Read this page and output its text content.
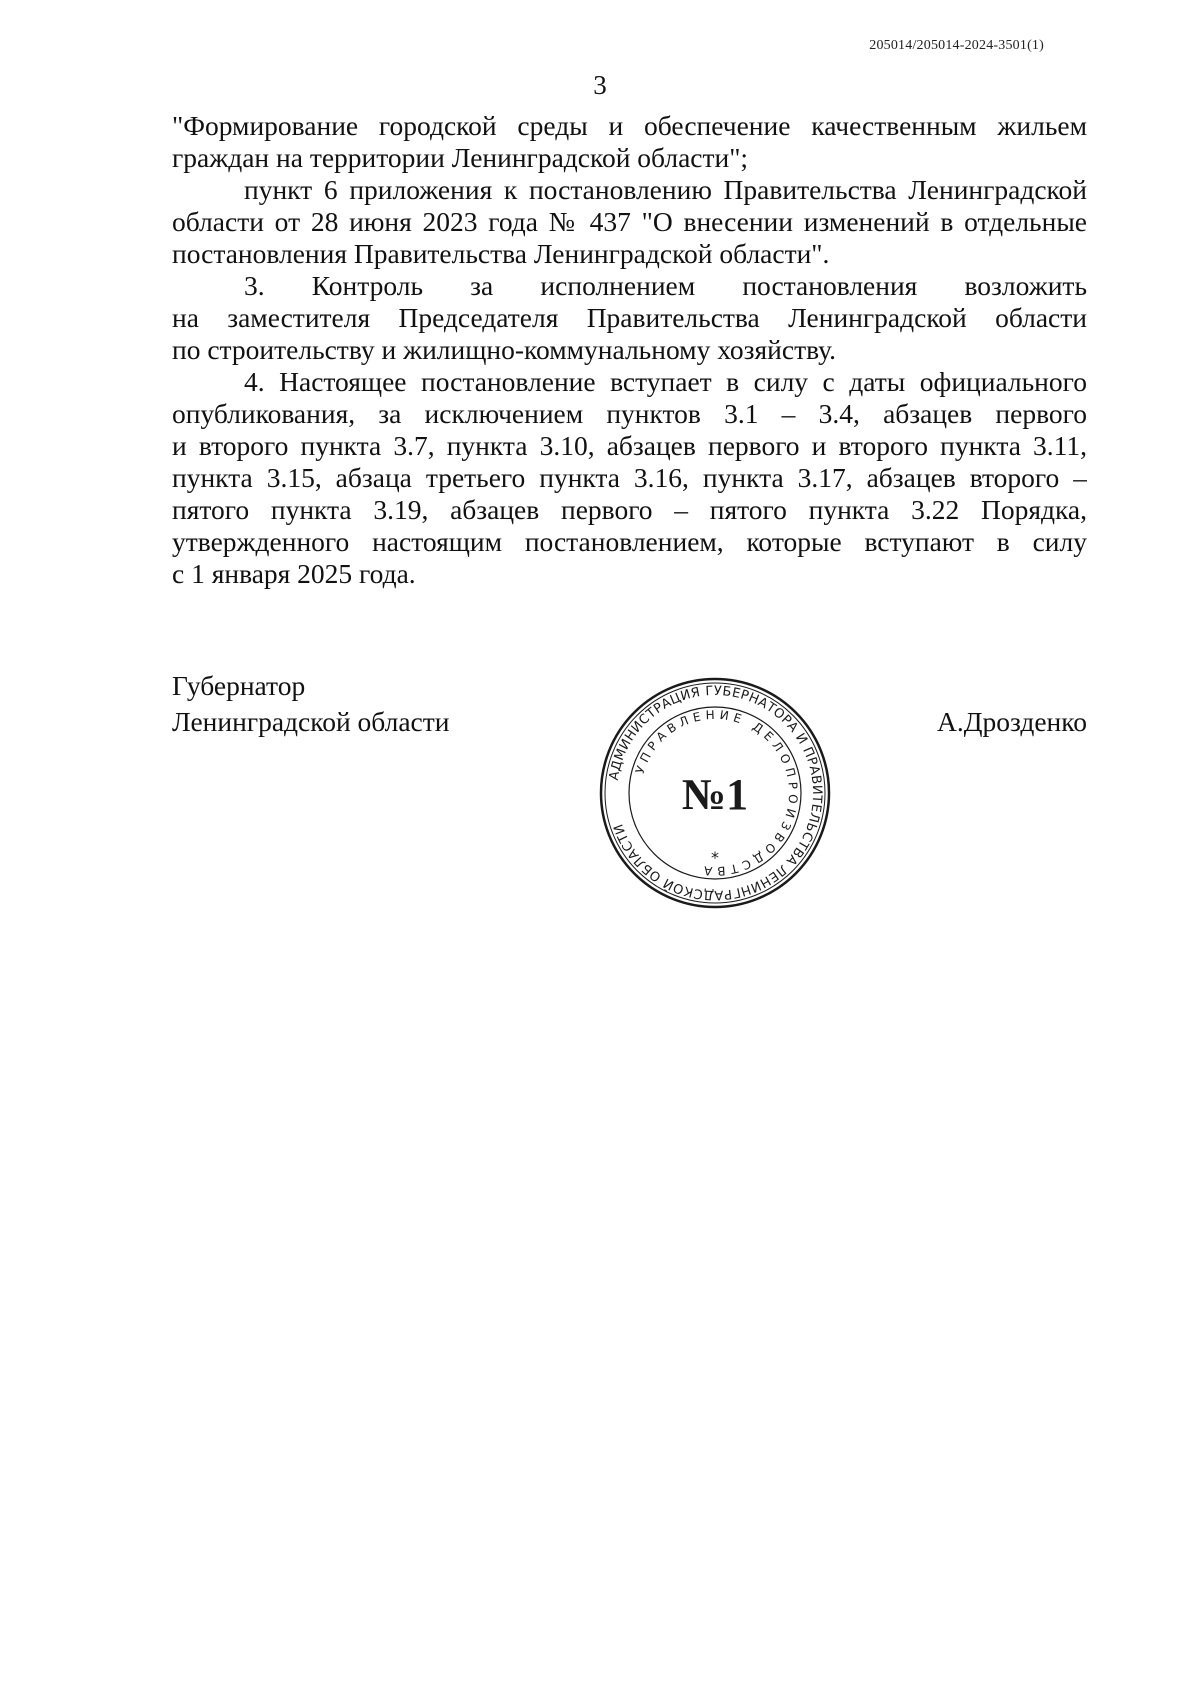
205014/205014-2024-3501(1)
3
"Формирование городской среды и обеспечение качественным жильем
граждан на территории Ленинградской области";
пункт 6 приложения к постановлению Правительства Ленинградской
области от 28 июня 2023 года № 437 "О внесении изменений в отдельные
постановления Правительства Ленинградской области".
3. Контроль за исполнением постановления возложить
на заместителя Председателя Правительства Ленинградской области
по строительству и жилищно-коммунальному хозяйству.
4. Настоящее постановление вступает в силу с даты официального
опубликования, за исключением пунктов 3.1 – 3.4, абзацев первого
и второго пункта 3.7, пункта 3.10, абзацев первого и второго пункта 3.11,
пункта 3.15, абзаца третьего пункта 3.16, пункта 3.17, абзацев второго –
пятого пункта 3.19, абзацев первого – пятого пункта 3.22 Порядка,
утвержденного настоящим постановлением, которые вступают в силу
с 1 января 2025 года.
Губернатор
Ленинградской области	А.Дрозденко
АДМИНИСТРАЦИЯ ГУБЕРНАТОРА И ПРАВИТЕЛЬСТВА ЛЕНИНГРАДСКОЙ ОБЛАСТИ
УПРАВЛЕНИЕ ДЕЛОПРОИЗВОДСТВА
№1
*
